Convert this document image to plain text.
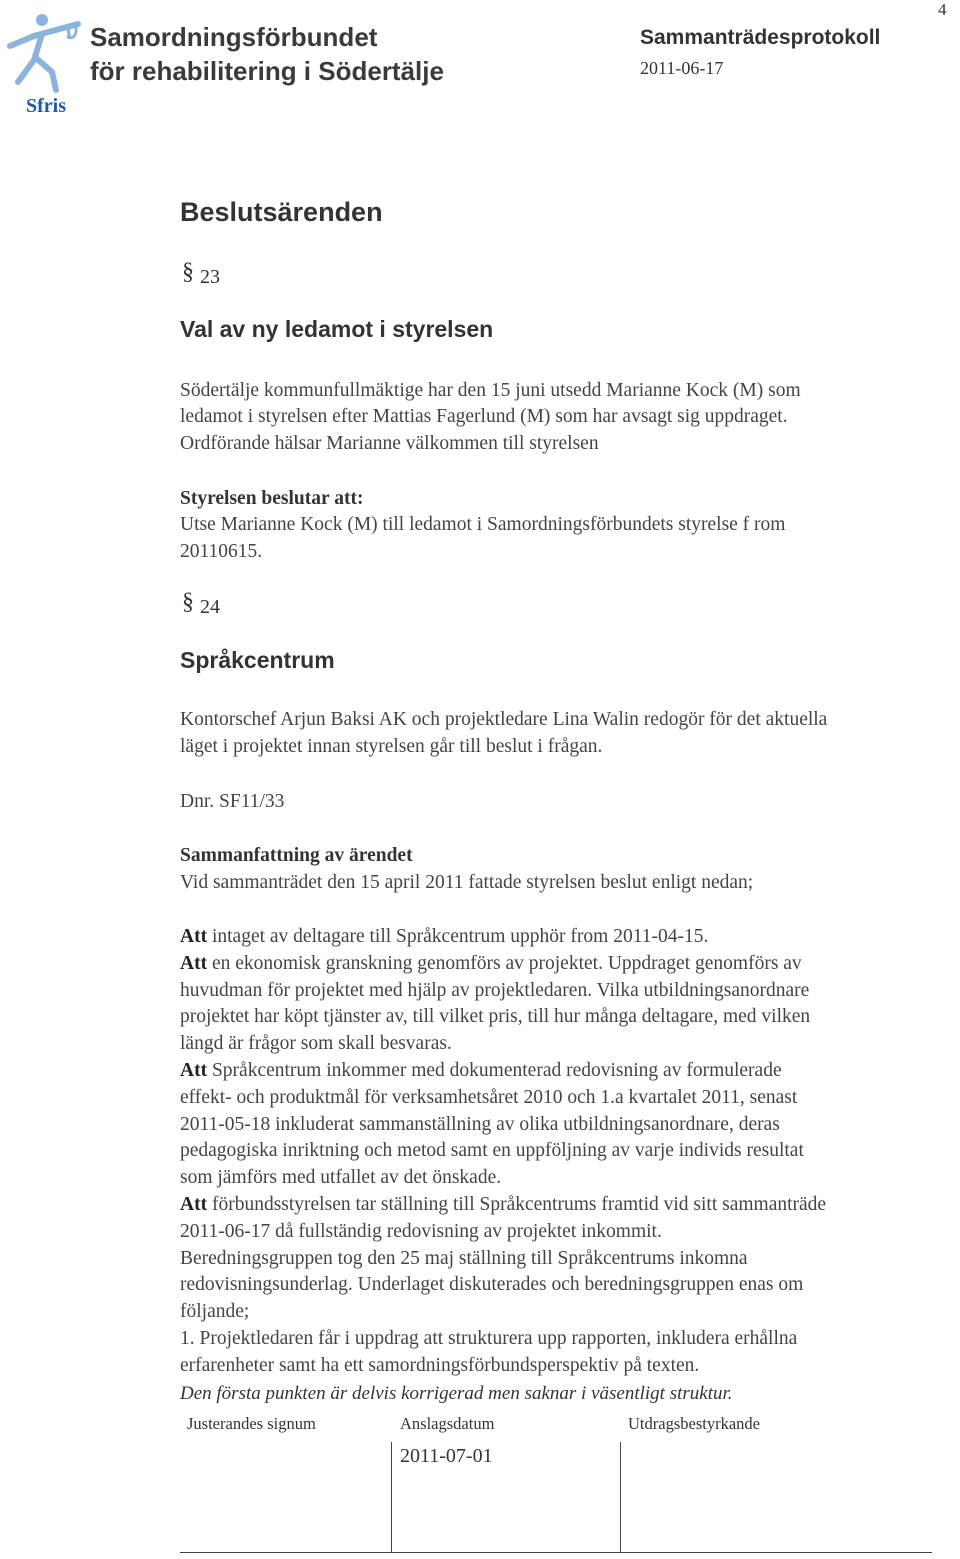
Sfris
Samordningsförbundet
för rehabilitering i Södertälje
Sammanträdesprotokoll
2011-06-17
4
Beslutsärenden
§ 23
Val av ny ledamot i styrelsen
Södertälje kommunfullmäktige har den 15 juni utsedd Marianne Kock (M) som
ledamot i styrelsen efter Mattias Fagerlund (M) som har avsagt sig uppdraget.
Ordförande hälsar Marianne välkommen till styrelsen
Styrelsen beslutar att:
Utse Marianne Kock (M) till ledamot i Samordningsförbundets styrelse f rom
20110615.
§ 24
Språkcentrum
Kontorschef Arjun Baksi AK och projektledare Lina Walin redogör för det aktuella
läget i projektet innan styrelsen går till beslut i frågan.
Dnr. SF11/33
Sammanfattning av ärendet
Vid sammanträdet den 15 april 2011 fattade styrelsen beslut enligt nedan;
Att intaget av deltagare till Språkcentrum upphör from 2011-04-15.
Att en ekonomisk granskning genomförs av projektet. Uppdraget genomförs av
huvudman för projektet med hjälp av projektledaren. Vilka utbildningsanordnare
projektet har köpt tjänster av, till vilket pris, till hur många deltagare, med vilken
längd är frågor som skall besvaras.
Att Språkcentrum inkommer med dokumenterad redovisning av formulerade
effekt- och produktmål för verksamhetsåret 2010 och 1.a kvartalet 2011, senast
2011-05-18 inkluderat sammanställning av olika utbildningsanordnare, deras
pedagogiska inriktning och metod samt en uppföljning av varje individs resultat
som jämförs med utfallet av det önskade.
Att förbundsstyrelsen tar ställning till Språkcentrums framtid vid sitt sammanträde
2011-06-17 då fullständig redovisning av projektet inkommit.
Beredningsgruppen tog den 25 maj ställning till Språkcentrums inkomna
redovisningsunderlag. Underlaget diskuterades och beredningsgruppen enas om
följande;
1. Projektledaren får i uppdrag att strukturera upp rapporten, inkludera erhållna
erfarenheter samt ha ett samordningsförbundsperspektiv på texten.
Den första punkten är delvis korrigerad men saknar i väsentligt struktur.
Justerandes signum	Anslagsdatum	Utdragsbestyrkande
2011-07-01
